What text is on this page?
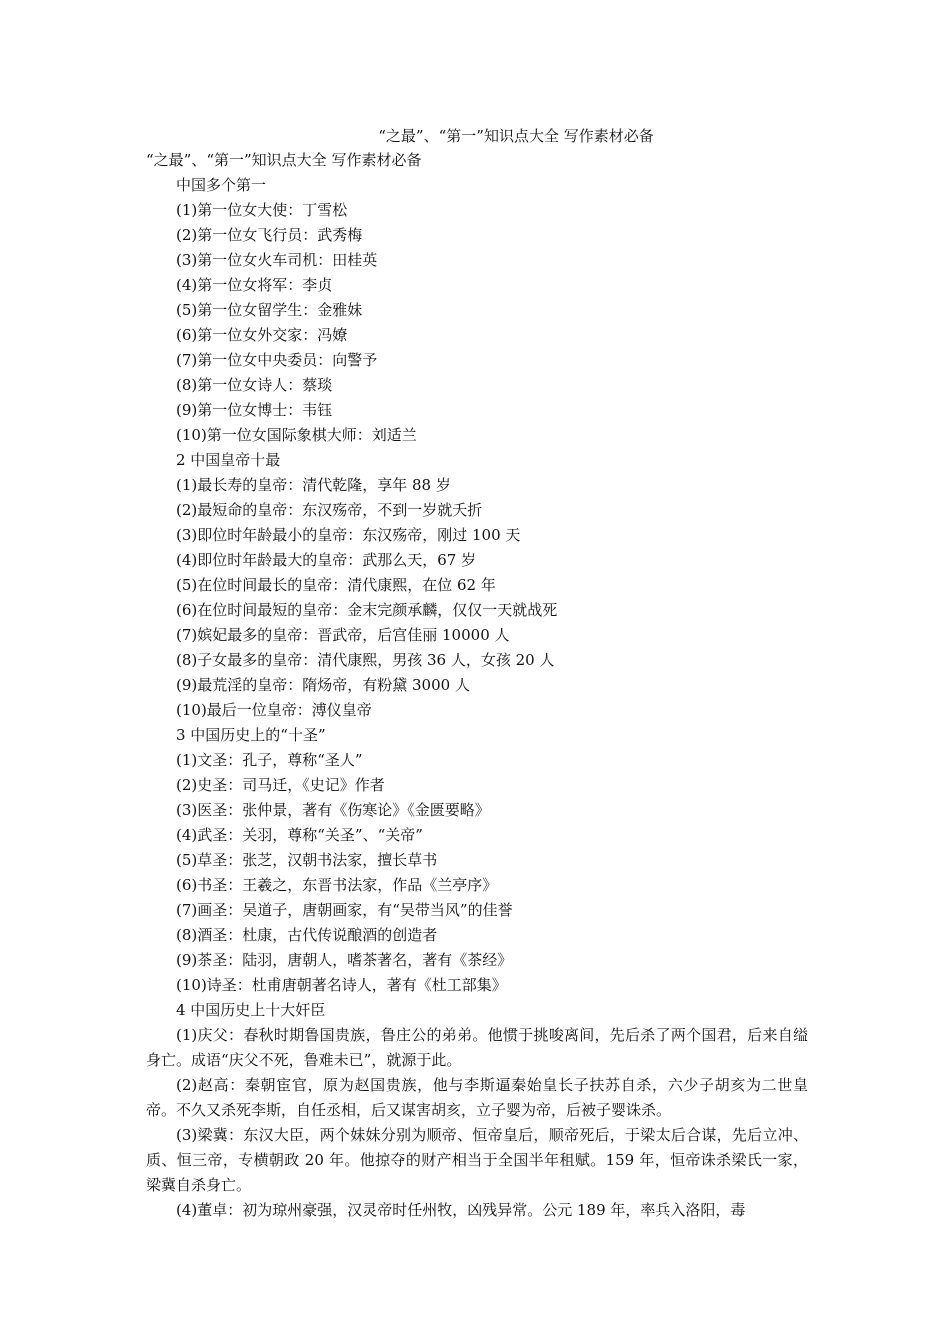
“之最”、“第一”知识点大全 写作素材必备
“之最”、“第一”知识点大全 写作素材必备
中国多个第一
(1)第一位女大使：丁雪松
(2)第一位女飞行员：武秀梅
(3)第一位女火车司机：田桂英
(4)第一位女将军：李贞
(5)第一位女留学生：金雅妹
(6)第一位女外交家：冯嫽
(7)第一位女中央委员：向警予
(8)第一位女诗人：蔡琰
(9)第一位女博士：韦钰
(10)第一位女国际象棋大师：刘适兰
2 中国皇帝十最
(1)最长寿的皇帝：清代乾隆，享年 88 岁
(2)最短命的皇帝：东汉殇帝，不到一岁就夭折
(3)即位时年龄最小的皇帝：东汉殇帝，刚过 100 天
(4)即位时年龄最大的皇帝：武那么天，67 岁
(5)在位时间最长的皇帝：清代康熙，在位 62 年
(6)在位时间最短的皇帝：金末完颜承麟，仅仅一天就战死
(7)嫔妃最多的皇帝：晋武帝，后宫佳丽 10000 人
(8)子女最多的皇帝：清代康熙，男孩 36 人，女孩 20 人
(9)最荒淫的皇帝：隋炀帝，有粉黛 3000 人
(10)最后一位皇帝：溥仪皇帝
3 中国历史上的“十圣”
(1)文圣：孔子，尊称“圣人”
(2)史圣：司马迁，《史记》作者
(3)医圣：张仲景，著有《伤寒论》《金匮要略》
(4)武圣：关羽，尊称“关圣”、“关帝”
(5)草圣：张芝，汉朝书法家，擅长草书
(6)书圣：王羲之，东晋书法家，作品《兰亭序》
(7)画圣：吴道子，唐朝画家，有“吴带当风”的佳誉
(8)酒圣：杜康，古代传说酿酒的创造者
(9)茶圣：陆羽，唐朝人，嗜茶著名，著有《茶经》
(10)诗圣：杜甫唐朝著名诗人，著有《杜工部集》
4 中国历史上十大奸臣
(1)庆父：春秋时期鲁国贵族，鲁庄公的弟弟。他惯于挑唆离间，先后杀了两个国君，后来自缢身亡。成语“庆父不死，鲁难未已”，就源于此。
(2)赵高：秦朝宦官，原为赵国贵族，他与李斯逼秦始皇长子扶苏自杀，六少子胡亥为二世皇帝。不久又杀死李斯，自任丞相，后又谋害胡亥，立子婴为帝，后被子婴诛杀。
(3)梁冀：东汉大臣，两个妹妹分别为顺帝、恒帝皇后，顺帝死后，于梁太后合谋，先后立冲、质、恒三帝，专横朝政 20 年。他掠夺的财产相当于全国半年租赋。159 年，恒帝诛杀梁氏一家，梁冀自杀身亡。
(4)董卓：初为琼州豪强，汉灵帝时任州牧，凶残异常。公元 189 年，率兵入洛阳，毒
